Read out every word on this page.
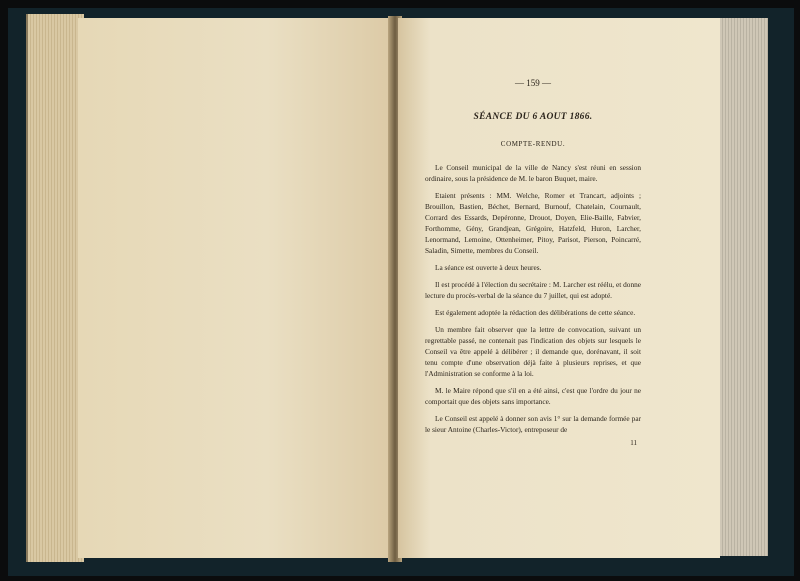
— 159 —
SÉANCE DU 6 AOUT 1866.
COMPTE-RENDU.

Le Conseil municipal de la ville de Nancy s'est réuni en session ordinaire, sous la présidence de M. le baron Buquet, maire.

Etaient présents : MM. Welche, Romer et Trancart, adjoints ; Brouillon, Bastien, Béchet, Bernard, Burnouf, Chatelain, Cournault, Corrard des Essards, Depéronne, Drouot, Doyen, Elie-Baille, Fabvier, Forthomme, Gény, Grandjean, Grégoire, Hatzfeld, Huron, Larcher, Lenormand, Lemoine, Ottenheimer, Pitoy, Parisot, Pierson, Poincarré, Saladin, Simette, membres du Conseil.

La séance est ouverte à deux heures.

Il est procédé à l'élection du secrétaire : M. Larcher est réélu, et donne lecture du procès-verbal de la séance du 7 juillet, qui est adopté.

Est également adoptée la rédaction des délibérations de cette séance.

Un membre fait observer que la lettre de convocation, suivant un regrettable passé, ne contenait pas l'indication des objets sur lesquels le Conseil va être appelé à délibérer ; il demande que, dorénavant, il soit tenu compte d'une observation déjà faite à plusieurs reprises, et que l'Administration se conforme à la loi.

M. le Maire répond que s'il en a été ainsi, c'est que l'ordre du jour ne comportait que des objets sans importance.

Le Conseil est appelé à donner son avis 1° sur la demande formée par le sieur Antoine (Charles-Victor), entreposeur de

11
